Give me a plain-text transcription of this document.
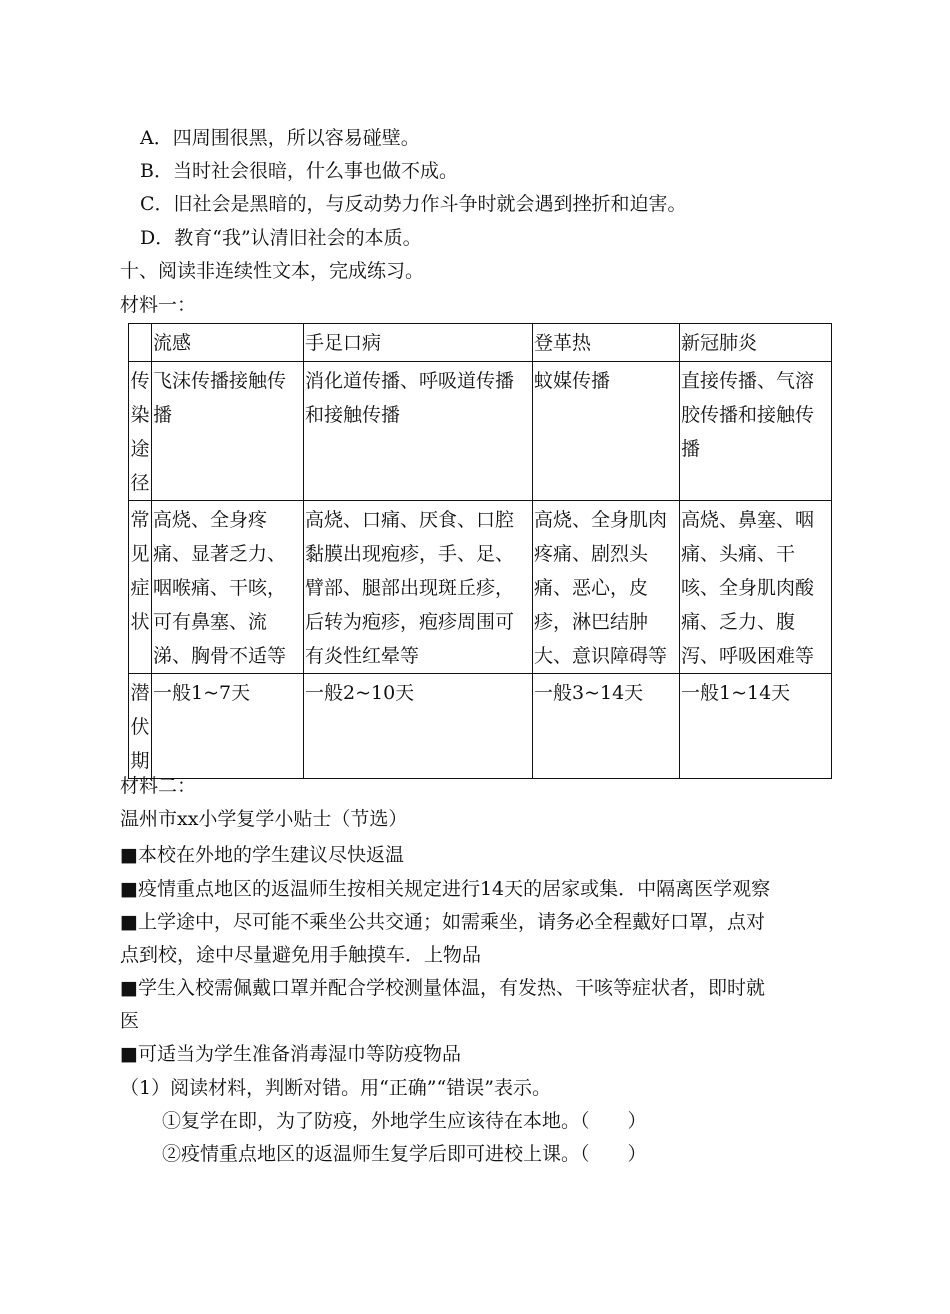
A．四周围很黑，所以容易碰壁。
B．当时社会很暗，什么事也做不成。
C．旧社会是黑暗的，与反动势力作斗争时就会遇到挫折和迫害。
D．教育“我”认清旧社会的本质。
十、阅读非连续性文本，完成练习。
材料一：
	流感	手足口病	登革热	新冠肺炎
传染途径	飞沫传播接触传播	消化道传播、呼吸道传播和接触传播	蚊媒传播	直接传播、气溶胶传播和接触传播
常见症状	高烧、全身疼痛、显著乏力、咽喉痛、干咳，可有鼻塞、流涕、胸骨不适等	高烧、口痛、厌食、口腔黏膜出现疱疹，手、足、臂部、腿部出现斑丘疹，后转为疱疹，疱疹周围可有炎性红晕等	高烧、全身肌肉疼痛、剧烈头痛、恶心，皮疹，淋巴结肿大、意识障碍等	高烧、鼻塞、咽痛、头痛、干咳、全身肌肉酸痛、乏力、腹泻、呼吸困难等
潜伏期	一般1~7天	一般2~10天	一般3~14天	一般1~14天
材料二：
温州市xx小学复学小贴士（节选）
■本校在外地的学生建议尽快返温
■疫情重点地区的返温师生按相关规定进行14天的居家或集．中隔离医学观察
■上学途中，尽可能不乘坐公共交通；如需乘坐，请务必全程戴好口罩，点对
点到校，途中尽量避免用手触摸车．上物品
■学生入校需佩戴口罩并配合学校测量体温，有发热、干咳等症状者，即时就
医
■可适当为学生准备消毒湿巾等防疫物品
（1）阅读材料，判断对错。用“正确”“错误”表示。
①复学在即，为了防疫，外地学生应该待在本地。（　　）
②疫情重点地区的返温师生复学后即可进校上课。（　　）
